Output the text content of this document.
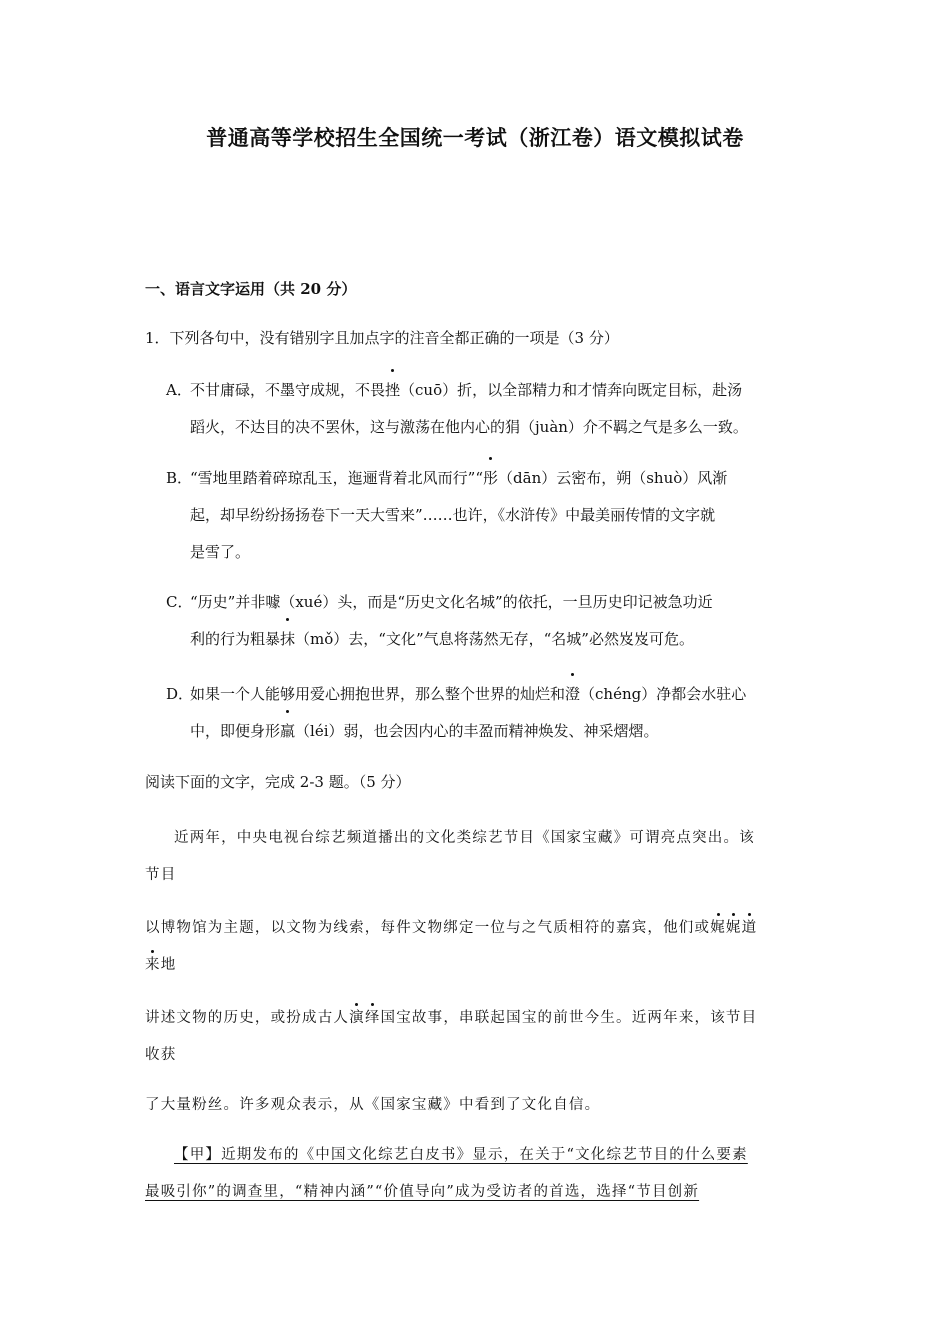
普通高等学校招生全国统一考试（浙江卷）语文模拟试卷
一、语言文字运用（共 20 分）
1．下列各句中，没有错别字且加点字的注音全都正确的一项是（3 分）
A．不甘庸碌，不墨守成规，不畏挫（cuō）折，以全部精力和才情奔向既定目标，赴汤
蹈火，不达目的决不罢休，这与激荡在他内心的狷（juàn）介不羁之气是多么一致。
B．“雪地里踏着碎琼乱玉，迤逦背着北风而行”“彤（dān）云密布，朔（shuò）风渐
起，却早纷纷扬扬卷下一天大雪来”……也许，《水浒传》中最美丽传情的文字就
是雪了。
C．“历史”并非噱（xué）头，而是“历史文化名城”的依托，一旦历史印记被急功近
利的行为粗暴抹（mǒ）去，“文化”气息将荡然无存，“名城”必然岌岌可危。
D．如果一个人能够用爱心拥抱世界，那么整个世界的灿烂和澄（chéng）净都会水驻心
中，即便身形羸（léi）弱，也会因内心的丰盈而精神焕发、神采熠熠。
阅读下面的文字，完成 2-3 题。（5 分）
近两年，中央电视台综艺频道播出的文化类综艺节目《国家宝藏》可谓亮点突出。该
节目
以博物馆为主题，以文物为线索，每件文物绑定一位与之气质相符的嘉宾，他们或娓娓道
来地
讲述文物的历史，或扮成古人演绎国宝故事，串联起国宝的前世今生。近两年来，该节目
收获
了大量粉丝。许多观众表示，从《国家宝藏》中看到了文化自信。
【甲】近期发布的《中国文化综艺白皮书》显示，在关于“文化综艺节目的什么要素
最吸引你”的调查里，“精神内涵”“价值导向”成为受访者的首选，选择“节目创新
